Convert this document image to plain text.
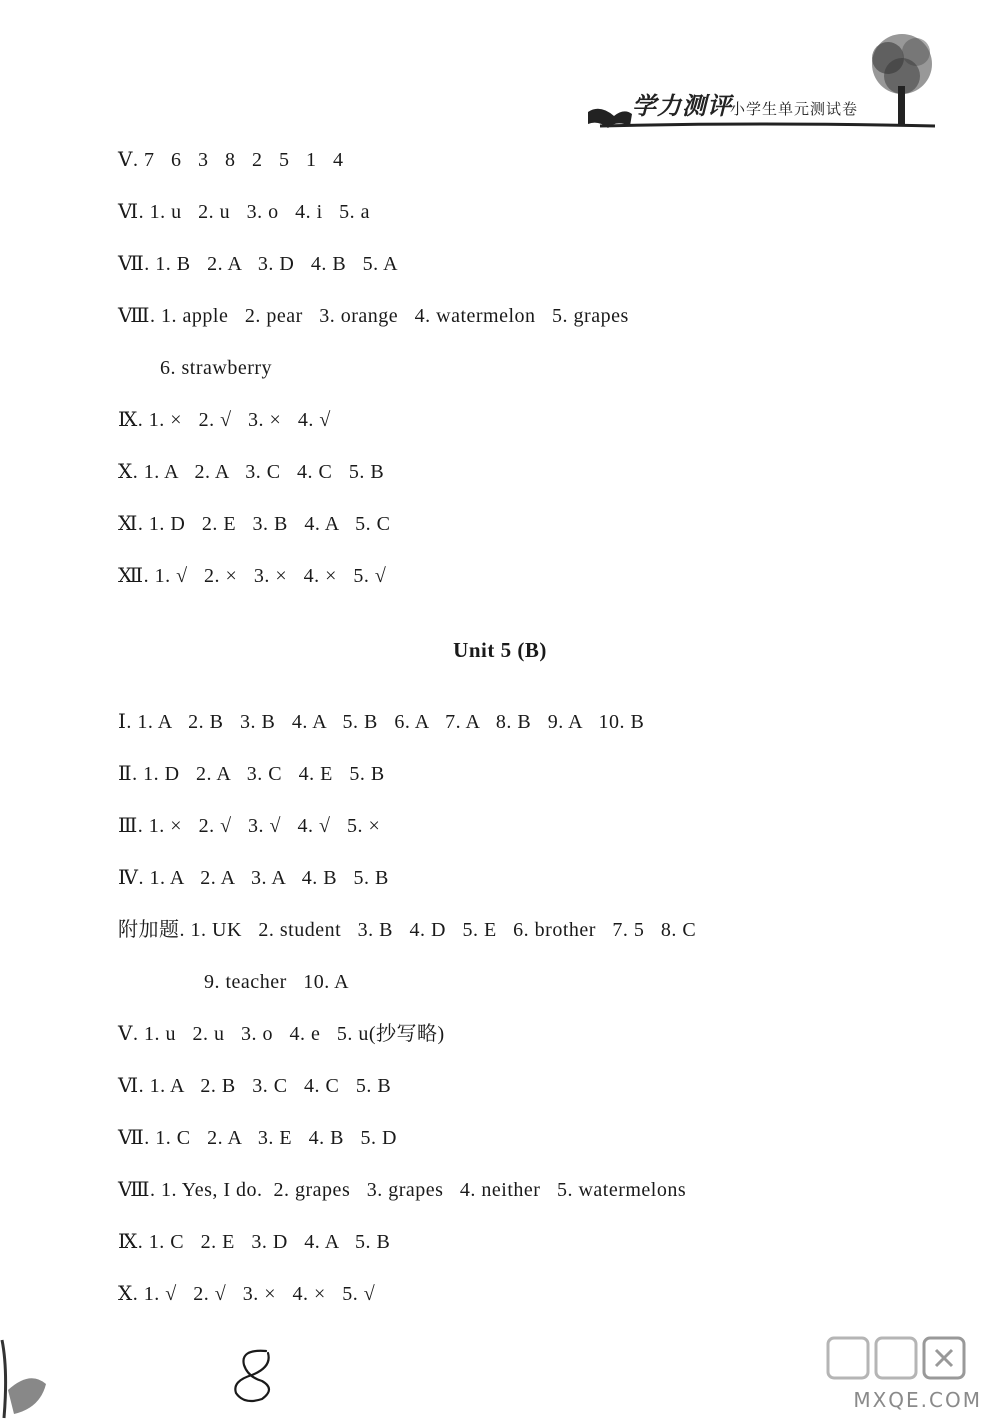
学力测评
小学生单元测试卷
Ⅴ. 7   6   3   8   2   5   1   4
Ⅵ. 1. u   2. u   3. o   4. i   5. a
Ⅶ. 1. B   2. A   3. D   4. B   5. A
Ⅷ. 1. apple   2. pear   3. orange   4. watermelon   5. grapes
6. strawberry
Ⅸ. 1. ×   2. √   3. ×   4. √
Ⅹ. 1. A   2. A   3. C   4. C   5. B
Ⅺ. 1. D   2. E   3. B   4. A   5. C
Ⅻ. 1. √   2. ×   3. ×   4. ×   5. √
Unit 5 (B)
Ⅰ. 1. A   2. B   3. B   4. A   5. B   6. A   7. A   8. B   9. A   10. B
Ⅱ. 1. D   2. A   3. C   4. E   5. B
Ⅲ. 1. ×   2. √   3. √   4. √   5. ×
Ⅳ. 1. A   2. A   3. A   4. B   5. B
附加题. 1. UK   2. student   3. B   4. D   5. E   6. brother   7. 5   8. C
9. teacher   10. A
Ⅴ. 1. u   2. u   3. o   4. e   5. u(抄写略)
Ⅵ. 1. A   2. B   3. C   4. C   5. B
Ⅶ. 1. C   2. A   3. E   4. B   5. D
Ⅷ. 1. Yes, I do.  2. grapes   3. grapes   4. neither   5. watermelons
Ⅸ. 1. C   2. E   3. D   4. A   5. B
Ⅹ. 1. √   2. √   3. ×   4. ×   5. √
MXQE.COM
